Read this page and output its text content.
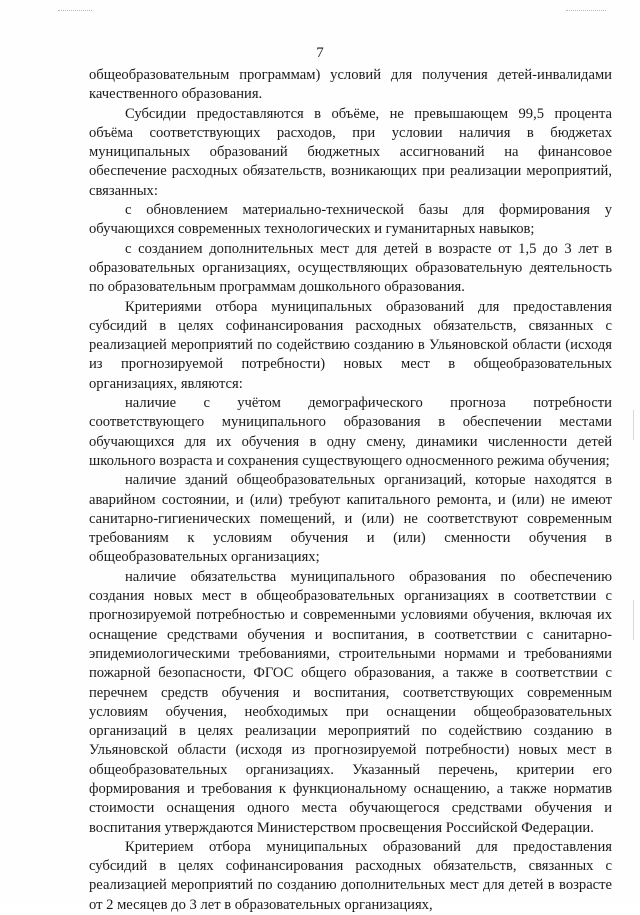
7

общеобразовательным программам) условий для получения детей-инвалидами качественного образования.

Субсидии предоставляются в объёме, не превышающем 99,5 процента объёма соответствующих расходов, при условии наличия в бюджетах муниципальных образований бюджетных ассигнований на финансовое обеспечение расходных обязательств, возникающих при реализации мероприятий, связанных:

с обновлением материально-технической базы для формирования у обучающихся современных технологических и гуманитарных навыков;

с созданием дополнительных мест для детей в возрасте от 1,5 до 3 лет в образовательных организациях, осуществляющих образовательную деятельность по образовательным программам дошкольного образования.

Критериями отбора муниципальных образований для предоставления субсидий в целях софинансирования расходных обязательств, связанных с реализацией мероприятий по содействию созданию в Ульяновской области (исходя из прогнозируемой потребности) новых мест в общеобразовательных организациях, являются:

наличие с учётом демографического прогноза потребности соответствующего муниципального образования в обеспечении местами обучающихся для их обучения в одну смену, динамики численности детей школьного возраста и сохранения существующего односменного режима обучения;

наличие зданий общеобразовательных организаций, которые находятся в аварийном состоянии, и (или) требуют капитального ремонта, и (или) не имеют санитарно-гигиенических помещений, и (или) не соответствуют современным требованиям к условиям обучения и (или) сменности обучения в общеобразовательных организациях;

наличие обязательства муниципального образования по обеспечению создания новых мест в общеобразовательных организациях в соответствии с прогнозируемой потребностью и современными условиями обучения, включая их оснащение средствами обучения и воспитания, в соответствии с санитарно-эпидемиологическими требованиями, строительными нормами и требованиями пожарной безопасности, ФГОС общего образования, а также в соответствии с перечнем средств обучения и воспитания, соответствующих современным условиям обучения, необходимых при оснащении общеобразовательных организаций в целях реализации мероприятий по содействию созданию в Ульяновской области (исходя из прогнозируемой потребности) новых мест в общеобразовательных организациях. Указанный перечень, критерии его формирования и требования к функциональному оснащению, а также норматив стоимости оснащения одного места обучающегося средствами обучения и воспитания утверждаются Министерством просвещения Российской Федерации.

Критерием отбора муниципальных образований для предоставления субсидий в целях софинансирования расходных обязательств, связанных с реализацией мероприятий по созданию дополнительных мест для детей в возрасте от 2 месяцев до 3 лет в образовательных организациях,
